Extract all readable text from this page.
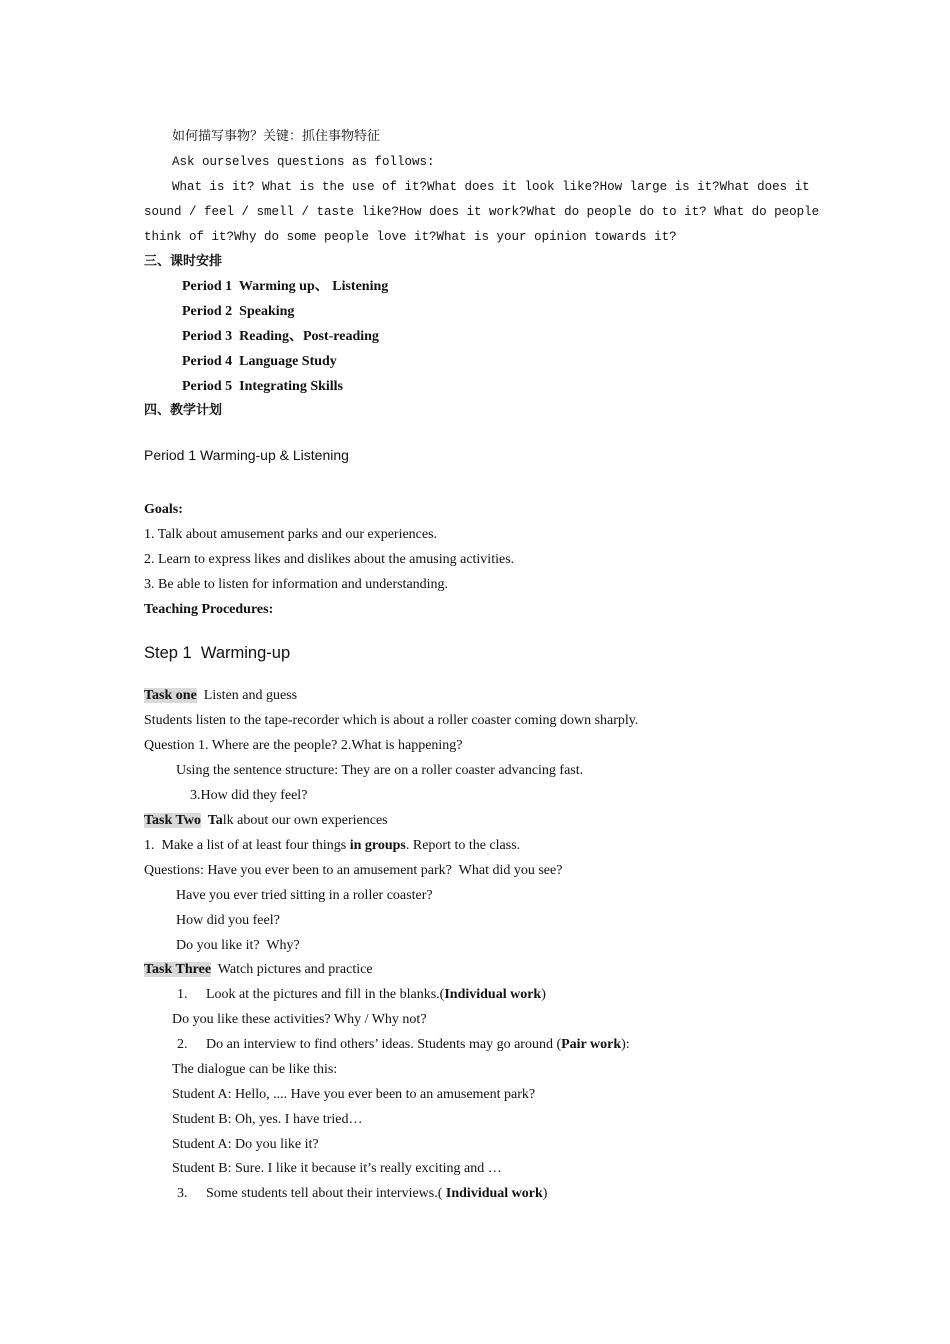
如何描写事物？关键：抓住事物特征
Ask ourselves questions as follows:
What is it? What is the use of it?What does it look like?How large is it?What does it
sound / feel / smell / taste like?How does it work?What do people do to it? What do people
think of it?Why do some people love it?What is your opinion towards it?
三、课时安排
Period 1  Warming up、 Listening
Period 2  Speaking
Period 3  Reading、Post-reading
Period 4  Language Study
Period 5  Integrating Skills
四、教学计划
Period 1 Warming-up & Listening
Goals:
1. Talk about amusement parks and our experiences.
2. Learn to express likes and dislikes about the amusing activities.
3. Be able to listen for information and understanding.
Teaching Procedures:
Step 1  Warming-up
Task one  Listen and guess
Students listen to the tape-recorder which is about a roller coaster coming down sharply.
Question 1. Where are the people? 2.What is happening?
Using the sentence structure: They are on a roller coaster advancing fast.
3.How did they feel?
Task Two  Talk about our own experiences
1.  Make a list of at least four things in groups. Report to the class.
Questions: Have you ever been to an amusement park?  What did you see?
Have you ever tried sitting in a roller coaster?
How did you feel?
Do you like it?  Why?
Task Three  Watch pictures and practice
1. Look at the pictures and fill in the blanks.(Individual work)
Do you like these activities? Why / Why not?
2. Do an interview to find others’ ideas. Students may go around (Pair work):
The dialogue can be like this:
Student A: Hello, .... Have you ever been to an amusement park?
Student B: Oh, yes. I have tried…
Student A: Do you like it?
Student B: Sure. I like it because it’s really exciting and …
3. Some students tell about their interviews.( Individual work)
